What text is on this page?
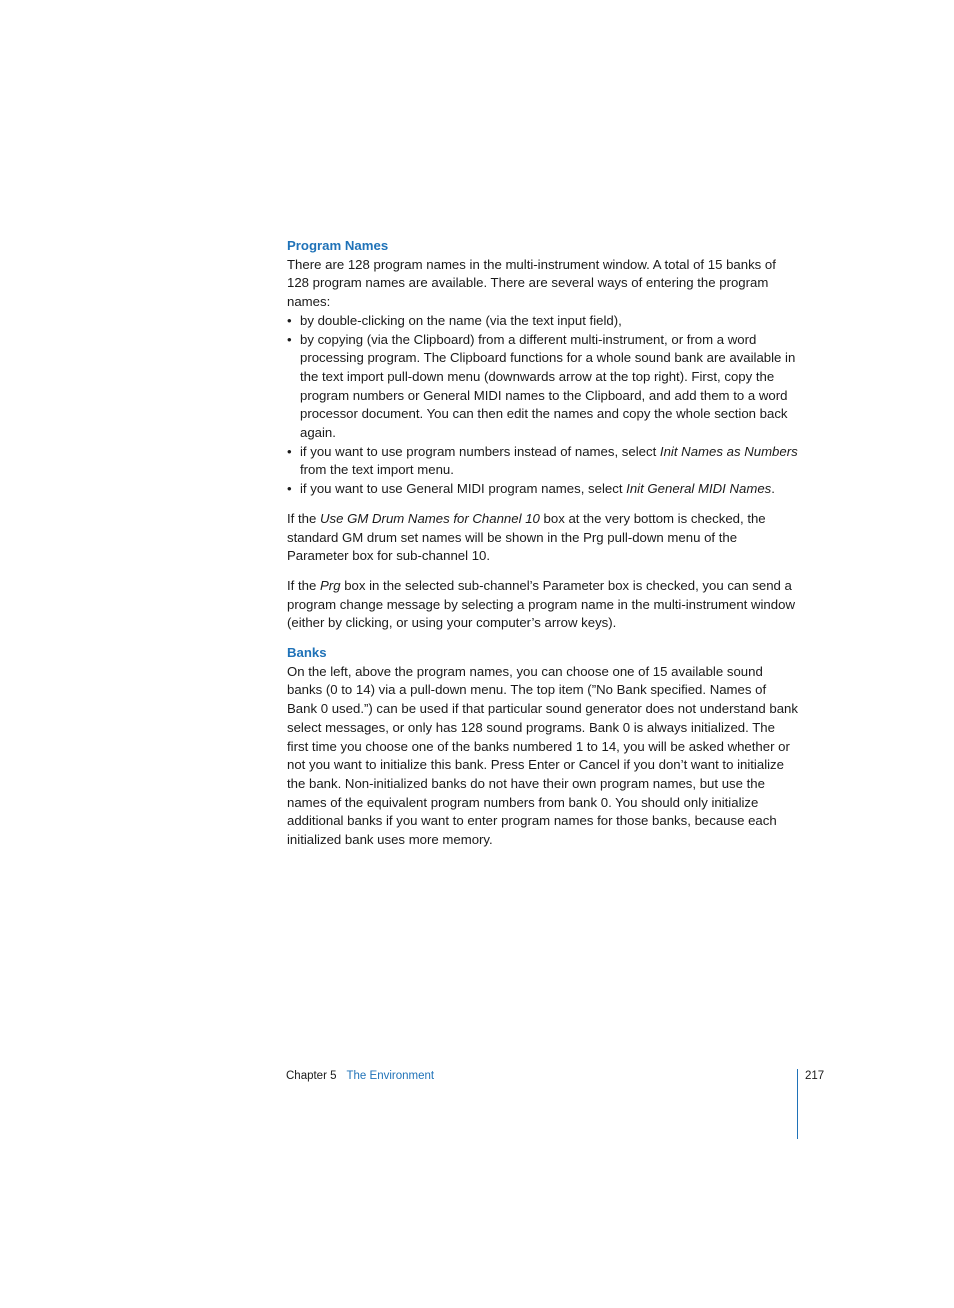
Program Names

There are 128 program names in the multi-instrument window. A total of 15 banks of 128 program names are available. There are several ways of entering the program names:

• by double-clicking on the name (via the text input field),
• by copying (via the Clipboard) from a different multi-instrument, or from a word processing program. The Clipboard functions for a whole sound bank are available in the text import pull-down menu (downwards arrow at the top right). First, copy the program numbers or General MIDI names to the Clipboard, and add them to a word processor document. You can then edit the names and copy the whole section back again.
• if you want to use program numbers instead of names, select Init Names as Numbers from the text import menu.
• if you want to use General MIDI program names, select Init General MIDI Names.

If the Use GM Drum Names for Channel 10 box at the very bottom is checked, the standard GM drum set names will be shown in the Prg pull-down menu of the Parameter box for sub-channel 10.

If the Prg box in the selected sub-channel’s Parameter box is checked, you can send a program change message by selecting a program name in the multi-instrument window (either by clicking, or using your computer’s arrow keys).

Banks

On the left, above the program names, you can choose one of 15 available sound banks (0 to 14) via a pull-down menu. The top item (”No Bank specified. Names of Bank 0 used.”) can be used if that particular sound generator does not understand bank select messages, or only has 128 sound programs. Bank 0 is always initialized. The first time you choose one of the banks numbered 1 to 14, you will be asked whether or not you want to initialize this bank. Press Enter or Cancel if you don’t want to initialize the bank. Non-initialized banks do not have their own program names, but use the names of the equivalent program numbers from bank 0. You should only initialize additional banks if you want to enter program names for those banks, because each initialized bank uses more memory.

Chapter 5 The Environment	217
